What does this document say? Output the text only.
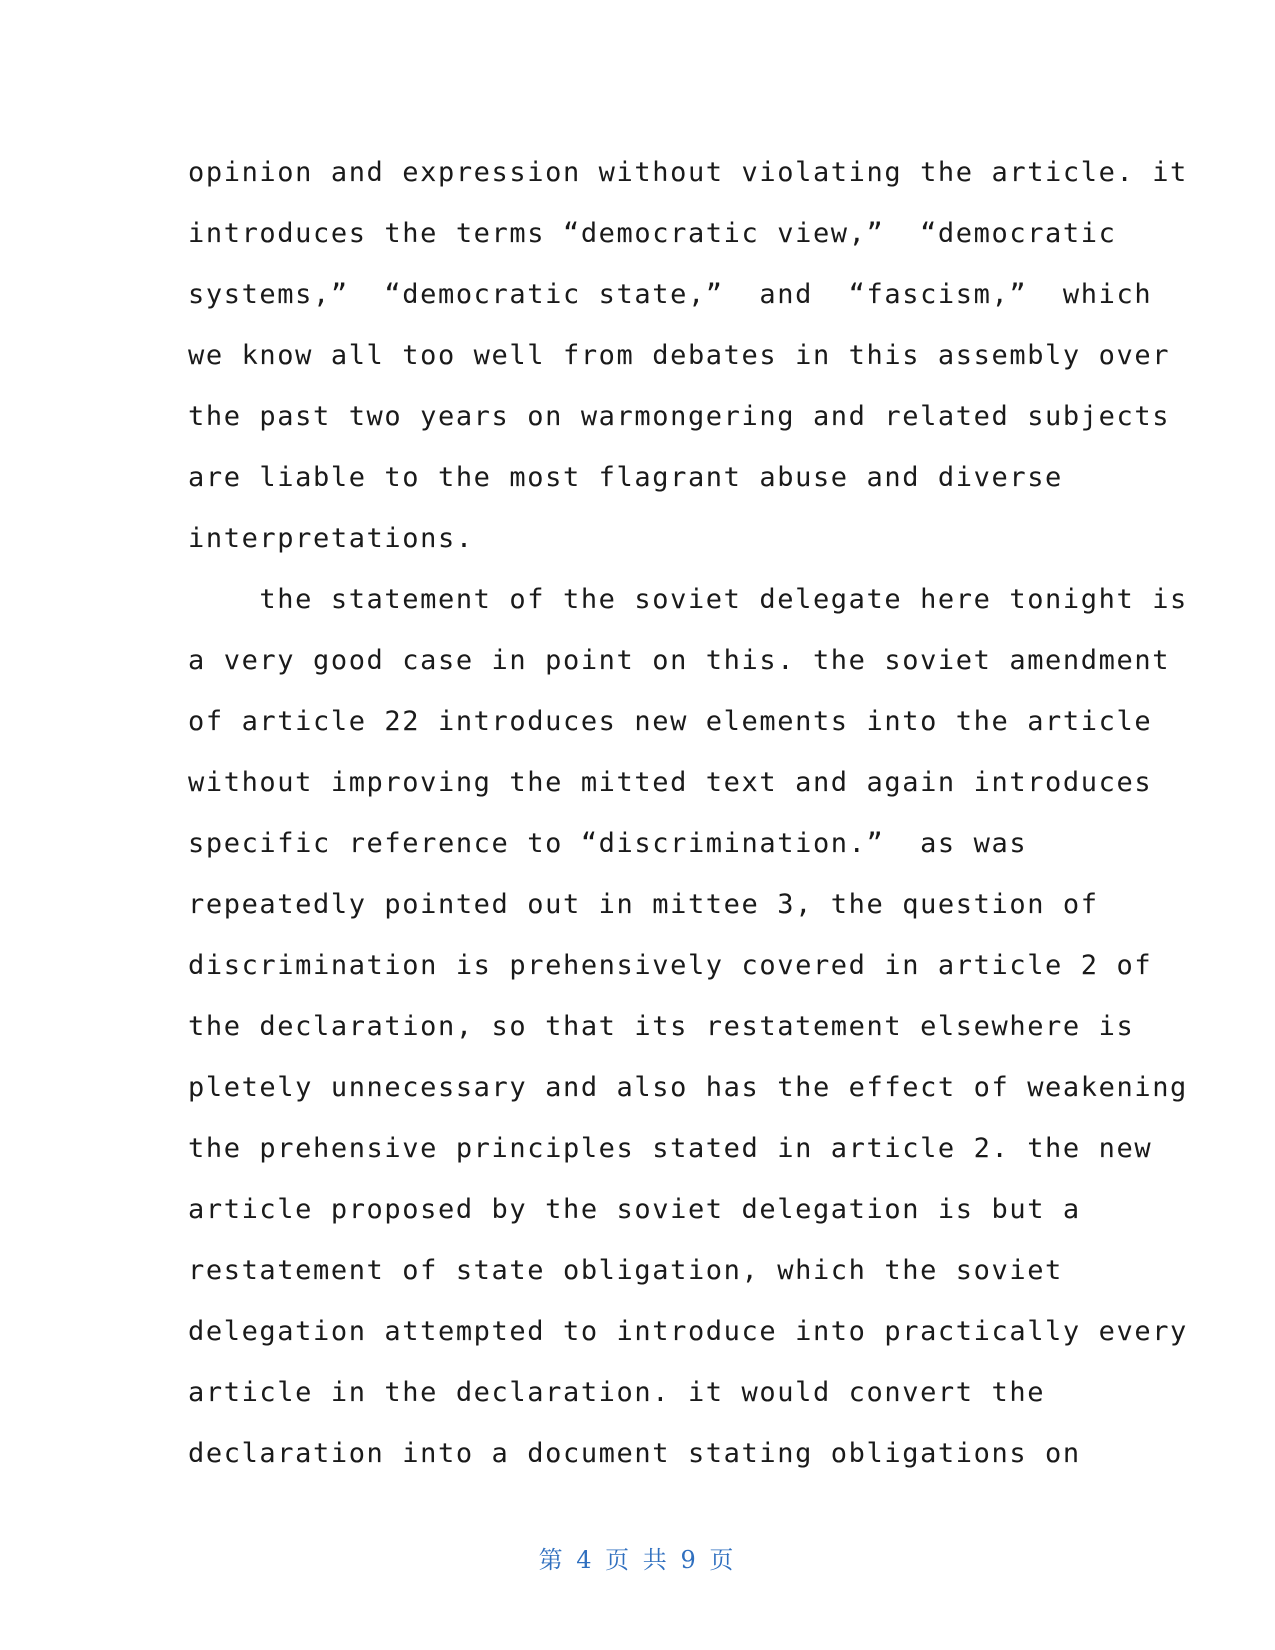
opinion and expression without violating the article. it
introduces the terms “democratic view,”  “democratic
systems,”  “democratic state,”  and  “fascism,”  which
we know all too well from debates in this assembly over
the past two years on warmongering and related subjects
are liable to the most flagrant abuse and diverse
interpretations.
the statement of the soviet delegate here tonight is
a very good case in point on this. the soviet amendment
of article 22 introduces new elements into the article
without improving the mitted text and again introduces
specific reference to “discrimination.”  as was
repeatedly pointed out in mittee 3, the question of
discrimination is prehensively covered in article 2 of
the declaration, so that its restatement elsewhere is
pletely unnecessary and also has the effect of weakening
the prehensive principles stated in article 2. the new
article proposed by the soviet delegation is but a
restatement of state obligation, which the soviet
delegation attempted to introduce into practically every
article in the declaration. it would convert the
declaration into a document stating obligations on
第 4 页 共 9 页
